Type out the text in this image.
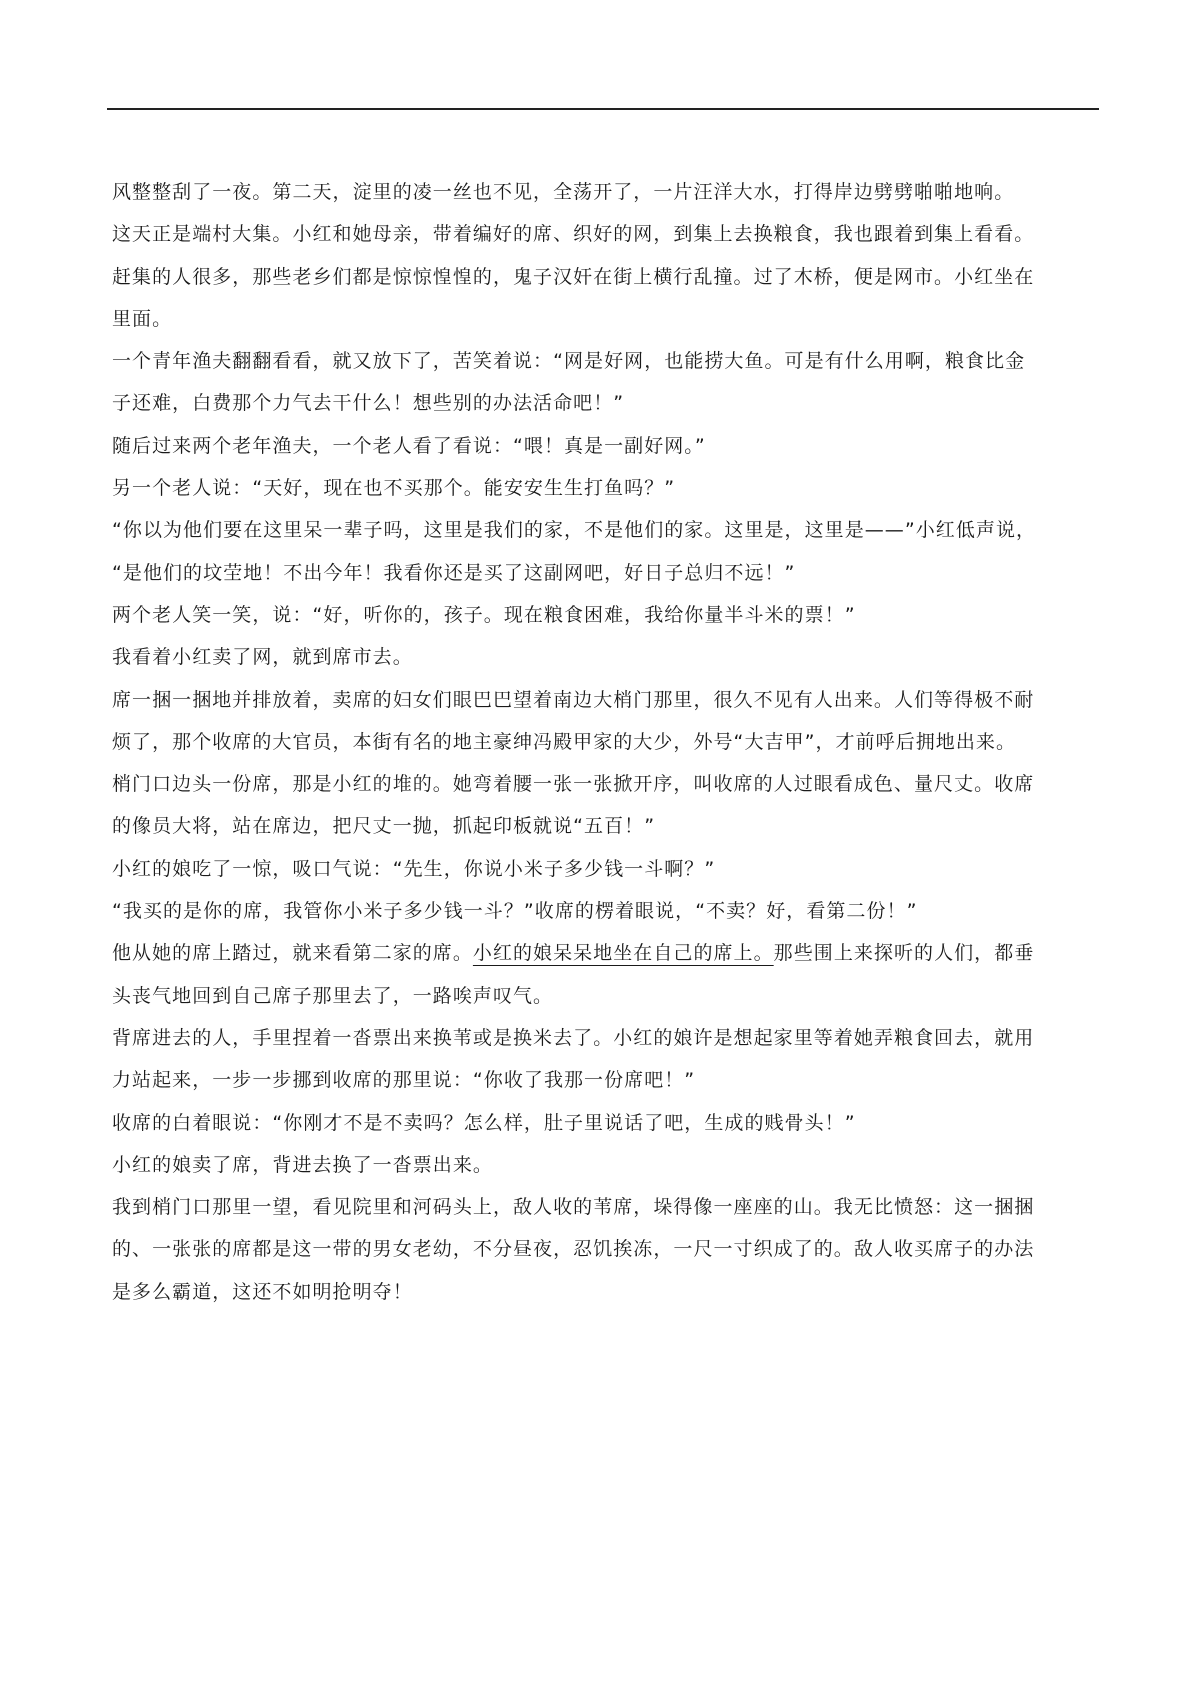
风整整刮了一夜。第二天，淀里的凌一丝也不见，全荡开了，一片汪洋大水，打得岸边劈劈啪啪地响。

这天正是端村大集。小红和她母亲，带着编好的席、织好的网，到集上去换粮食，我也跟着到集上看看。

赶集的人很多，那些老乡们都是惊惊惶惶的，鬼子汉奸在街上横行乱撞。过了木桥，便是网市。小红坐在

里面。

一个青年渔夫翻翻看看，就又放下了，苦笑着说：“网是好网，也能捞大鱼。可是有什么用啊，粮食比金

子还难，白费那个力气去干什么！想些别的办法活命吧！”

随后过来两个老年渔夫，一个老人看了看说：“喂！真是一副好网。”

另一个老人说：“天好，现在也不买那个。能安安生生打鱼吗？”

“你以为他们要在这里呆一辈子吗，这里是我们的家，不是他们的家。这里是，这里是——”小红低声说，

“是他们的坟茔地！不出今年！我看你还是买了这副网吧，好日子总归不远！”

两个老人笑一笑，说：“好，听你的，孩子。现在粮食困难，我给你量半斗米的票！”

我看着小红卖了网，就到席市去。

席一捆一捆地并排放着，卖席的妇女们眼巴巴望着南边大梢门那里，很久不见有人出来。人们等得极不耐

烦了，那个收席的大官员，本街有名的地主豪绅冯殿甲家的大少，外号“大吉甲”，才前呼后拥地出来。

梢门口边头一份席，那是小红的堆的。她弯着腰一张一张掀开序，叫收席的人过眼看成色、量尺丈。收席

的像员大将，站在席边，把尺丈一抛，抓起印板就说“五百！”

小红的娘吃了一惊，吸口气说：“先生，你说小米子多少钱一斗啊？”

“我买的是你的席，我管你小米子多少钱一斗？”收席的楞着眼说，“不卖？好，看第二份！”

他从她的席上踏过，就来看第二家的席。小红的娘呆呆地坐在自己的席上。那些围上来探听的人们，都垂

头丧气地回到自己席子那里去了，一路唉声叹气。

背席进去的人，手里捏着一沓票出来换苇或是换米去了。小红的娘许是想起家里等着她弄粮食回去，就用

力站起来，一步一步挪到收席的那里说：“你收了我那一份席吧！”

收席的白着眼说：“你刚才不是不卖吗？怎么样，肚子里说话了吧，生成的贱骨头！”

小红的娘卖了席，背进去换了一沓票出来。

我到梢门口那里一望，看见院里和河码头上，敌人收的苇席，垛得像一座座的山。我无比愤怒：这一捆捆

的、一张张的席都是这一带的男女老幼，不分昼夜，忍饥挨冻，一尺一寸织成了的。敌人收买席子的办法

是多么霸道，这还不如明抢明夺！
